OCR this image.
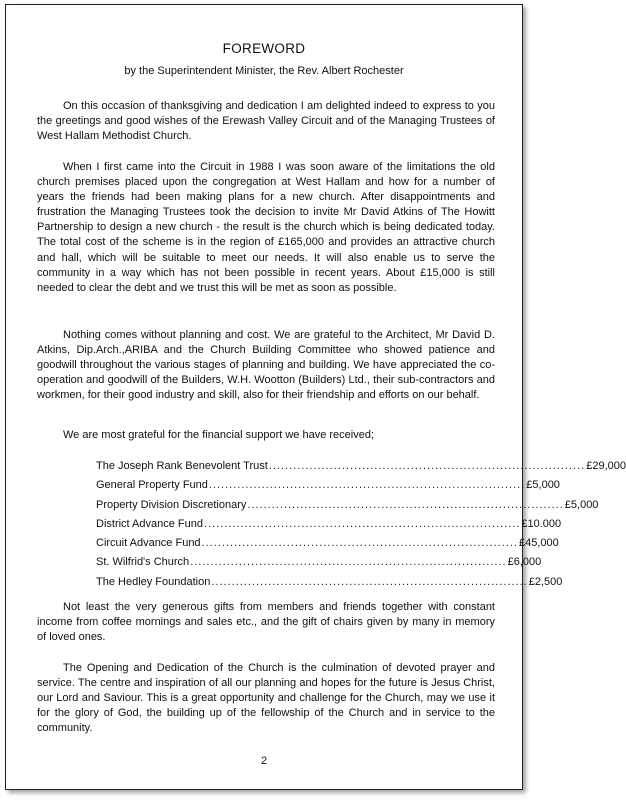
FOREWORD
by the Superintendent Minister, the Rev. Albert Rochester

On this occasion of thanksgiving and dedication I am delighted indeed to express to you the greetings and good wishes of the Erewash Valley Circuit and of the Managing Trustees of West Hallam Methodist Church.

When I first came into the Circuit in 1988 I was soon aware of the limitations the old church premises placed upon the congregation at West Hallam and how for a number of years the friends had been making plans for a new church. After disappointments and frustration the Managing Trustees took the decision to invite Mr David Atkins of The Howitt Partnership to design a new church - the result is the church which is being dedicated today. The total cost of the scheme is in the region of £165,000 and provides an attractive church and hall, which will be suitable to meet our needs. It will also enable us to serve the community in a way which has not been possible in recent years. About £15,000 is still needed to clear the debt and we trust this will be met as soon as possible.

Nothing comes without planning and cost. We are grateful to the Architect, Mr David D. Atkins, Dip.Arch.,ARIBA and the Church Building Committee who showed patience and goodwill throughout the various stages of planning and building. We have appreciated the co-operation and goodwill of the Builders, W.H. Wootton (Builders) Ltd., their sub-contractors and workmen, for their good industry and skill, also for their friendship and efforts on our behalf.

We are most grateful for the financial support we have received;

The Joseph Rank Benevolent Trust .............................................................................. £29,000
General Property Fund .............................................................................. £5,000
Property Division Discretionary .............................................................................. £5,000
District Advance Fund .............................................................................. £10.000
Circuit Advance Fund .............................................................................. £45,000
St. Wilfrid's Church .............................................................................. £6,000
The Hedley Foundation .............................................................................. £2,500

Not least the very generous gifts from members and friends together with constant income from coffee mornings and sales etc., and the gift of chairs given by many in memory of loved ones.

The Opening and Dedication of the Church is the culmination of devoted prayer and service. The centre and inspiration of all our planning and hopes for the future is Jesus Christ, our Lord and Saviour. This is a great opportunity and challenge for the Church, may we use it for the glory of God, the building up of the fellowship of the Church and in service to the community.

2
